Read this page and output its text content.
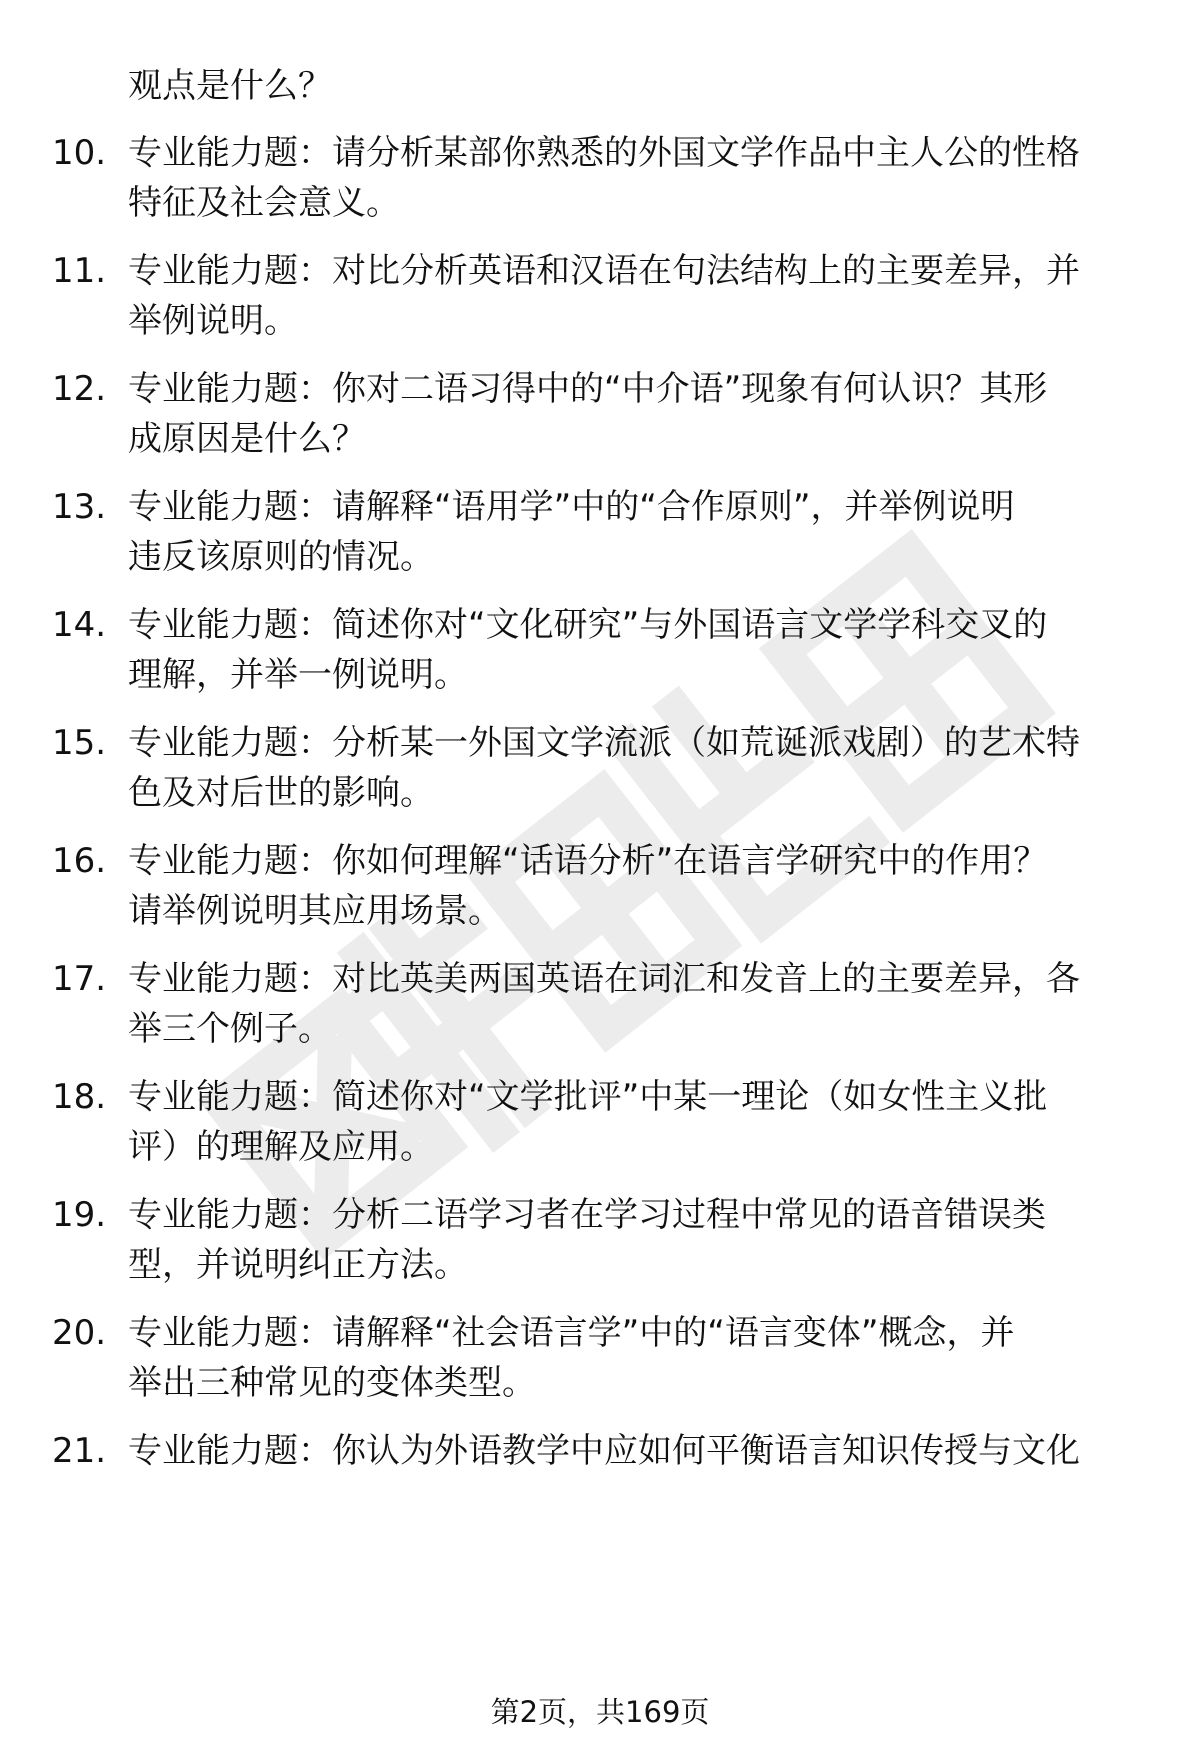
观点是什么？
10. 专业能力题：请分析某部你熟悉的外国文学作品中主人公的性格
特征及社会意义。
11. 专业能力题：对比分析英语和汉语在句法结构上的主要差异，并
举例说明。
12. 专业能力题：你对二语习得中的“中介语”现象有何认识？其形
成原因是什么？
13. 专业能力题：请解释“语用学”中的“合作原则”，并举例说明
违反该原则的情况。
14. 专业能力题：简述你对“文化研究”与外国语言文学学科交叉的
理解，并举一例说明。
15. 专业能力题：分析某一外国文学流派（如荒诞派戏剧）的艺术特
色及对后世的影响。
16. 专业能力题：你如何理解“话语分析”在语言学研究中的作用？
请举例说明其应用场景。
17. 专业能力题：对比英美两国英语在词汇和发音上的主要差异，各
举三个例子。
18. 专业能力题：简述你对“文学批评”中某一理论（如女性主义批
评）的理解及应用。
19. 专业能力题：分析二语学习者在学习过程中常见的语音错误类
型，并说明纠正方法。
20. 专业能力题：请解释“社会语言学”中的“语言变体”概念，并
举出三种常见的变体类型。
21. 专业能力题：你认为外语教学中应如何平衡语言知识传授与文化
第2页，共169页
